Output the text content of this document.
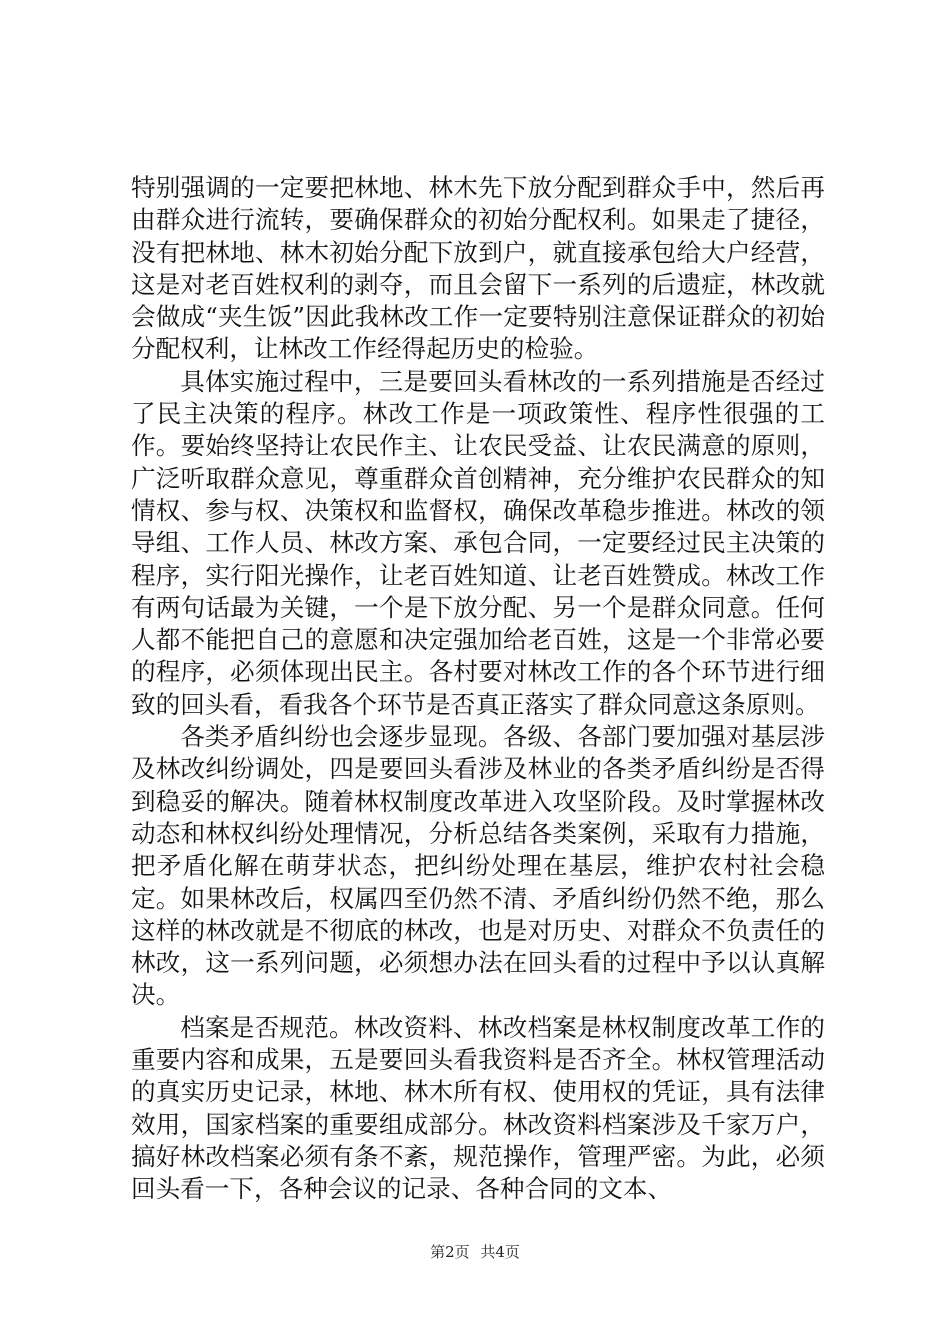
特别强调的一定要把林地、林木先下放分配到群众手中，然后再由群众进行流转，要确保群众的初始分配权利。如果走了捷径，没有把林地、林木初始分配下放到户，就直接承包给大户经营，这是对老百姓权利的剥夺，而且会留下一系列的后遗症，林改就会做成“夹生饭”因此我林改工作一定要特别注意保证群众的初始分配权利，让林改工作经得起历史的检验。

具体实施过程中，三是要回头看林改的一系列措施是否经过了民主决策的程序。林改工作是一项政策性、程序性很强的工作。要始终坚持让农民作主、让农民受益、让农民满意的原则，广泛听取群众意见，尊重群众首创精神，充分维护农民群众的知情权、参与权、决策权和监督权，确保改革稳步推进。林改的领导组、工作人员、林改方案、承包合同，一定要经过民主决策的程序，实行阳光操作，让老百姓知道、让老百姓赞成。林改工作有两句话最为关键，一个是下放分配、另一个是群众同意。任何人都不能把自己的意愿和决定强加给老百姓，这是一个非常必要的程序，必须体现出民主。各村要对林改工作的各个环节进行细致的回头看，看我各个环节是否真正落实了群众同意这条原则。

各类矛盾纠纷也会逐步显现。各级、各部门要加强对基层涉及林改纠纷调处，四是要回头看涉及林业的各类矛盾纠纷是否得到稳妥的解决。随着林权制度改革进入攻坚阶段。及时掌握林改动态和林权纠纷处理情况，分析总结各类案例，采取有力措施，把矛盾化解在萌芽状态，把纠纷处理在基层，维护农村社会稳定。如果林改后，权属四至仍然不清、矛盾纠纷仍然不绝，那么这样的林改就是不彻底的林改，也是对历史、对群众不负责任的林改，这一系列问题，必须想办法在回头看的过程中予以认真解决。

档案是否规范。林改资料、林改档案是林权制度改革工作的重要内容和成果，五是要回头看我资料是否齐全。林权管理活动的真实历史记录，林地、林木所有权、使用权的凭证，具有法律效用，国家档案的重要组成部分。林改资料档案涉及千家万户，搞好林改档案必须有条不紊，规范操作，管理严密。为此，必须回头看一下，各种会议的记录、各种合同的文本、

第2页 共4页
